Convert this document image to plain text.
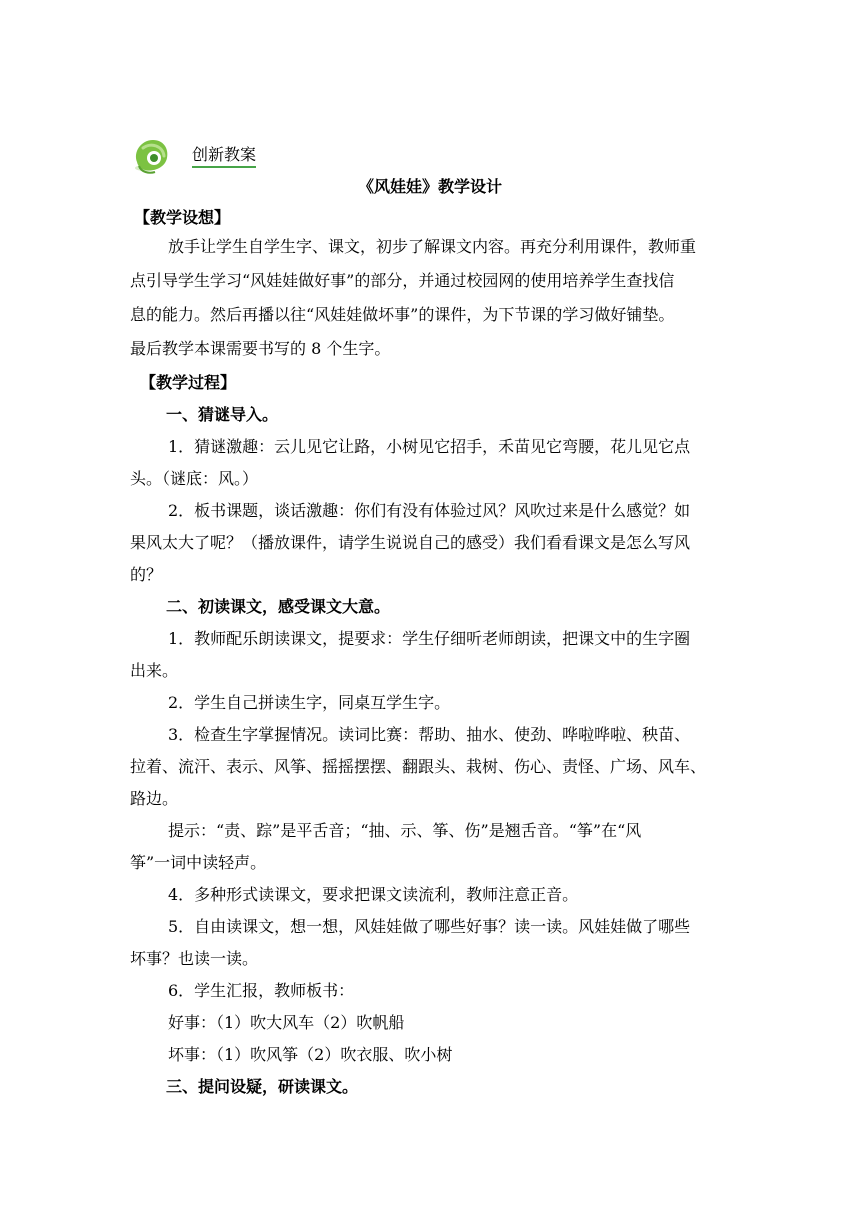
创新教案
《风娃娃》教学设计
【教学设想】
放手让学生自学生字、课文，初步了解课文内容。再充分利用课件，教师重
点引导学生学习“风娃娃做好事”的部分，并通过校园网的使用培养学生查找信
息的能力。然后再播以往“风娃娃做坏事”的课件，为下节课的学习做好铺垫。
最后教学本课需要书写的 8 个生字。
【教学过程】
一、猜谜导入。
1．猜谜激趣：云儿见它让路，小树见它招手，禾苗见它弯腰，花儿见它点
头。（谜底：风。）
2．板书课题，谈话激趣：你们有没有体验过风？风吹过来是什么感觉？如
果风太大了呢？（播放课件，请学生说说自己的感受）我们看看课文是怎么写风
的？
二、初读课文，感受课文大意。
1．教师配乐朗读课文，提要求：学生仔细听老师朗读，把课文中的生字圈
出来。
2．学生自己拼读生字，同桌互学生字。
3．检查生字掌握情况。读词比赛：帮助、抽水、使劲、哗啦哗啦、秧苗、
拉着、流汗、表示、风筝、摇摇摆摆、翻跟头、栽树、伤心、责怪、广场、风车、
路边。
提示：“责、踪”是平舌音；“抽、示、筝、伤”是翘舌音。“筝”在“风
筝”一词中读轻声。
4．多种形式读课文，要求把课文读流利，教师注意正音。
5．自由读课文，想一想，风娃娃做了哪些好事？读一读。风娃娃做了哪些
坏事？也读一读。
6．学生汇报，教师板书：
好事：（1）吹大风车（2）吹帆船
坏事：（1）吹风筝（2）吹衣服、吹小树
三、提问设疑，研读课文。
